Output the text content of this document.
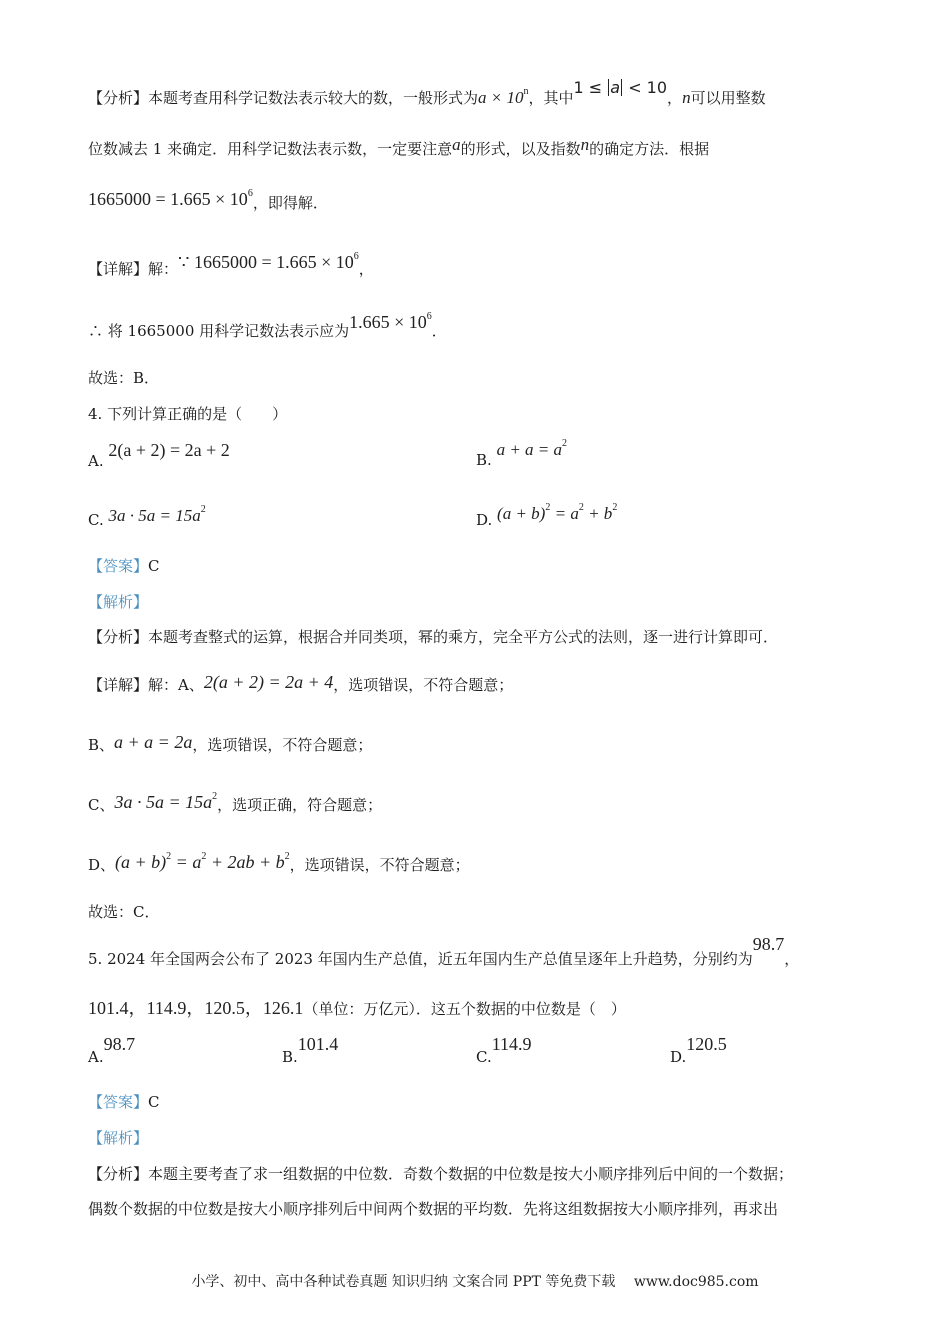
【分析】本题考查用科学记数法表示较大的数，一般形式为$a \times 10^n$，其中1 ≤ a < 10，n可以用整数
位数减去 1 来确定．用科学记数法表示数，一定要注意a的形式，以及指数n的确定方法．根据
$1665000 = 1.665 \times 10^6$，即得解．
【详解】解：∵ $1665000 = 1.665 \times 10^6$，
∴ 将 1665000 用科学记数法表示应为$1.665 \times 10^6$．
故选：B．
4. 下列计算正确的是（　　）
A. 2(a + 2) = 2a + 2	B. $a + a = a^2$
C. $3a \cdot 5a = 15a^2$
D. $(a + b)^2 = a^2 + b^2$
【答案】C
【解析】
【分析】本题考查整式的运算，根据合并同类项，幂的乘方，完全平方公式的法则，逐一进行计算即可．
【详解】解：A、2(a + 2) = 2a + 4，选项错误，不符合题意；
B、a + a = 2a，选项错误，不符合题意；
C、$3a \cdot 5a = 15a^2$，选项正确，符合题意；
D、$(a + b)^2 = a^2 + 2ab + b^2$，选项错误，不符合题意；
故选：C．
5. 2024 年全国两会公布了 2023 年国内生产总值，近五年国内生产总值呈逐年上升趋势，分别约为98.7，
101.4，114.9，120.5，126.1（单位：万亿元）．这五个数据的中位数是（　）
A.98.7
B.101.4
C.114.9
D.120.5
【答案】C
【解析】
【分析】本题主要考查了求一组数据的中位数．奇数个数据的中位数是按大小顺序排列后中间的一个数据；
偶数个数据的中位数是按大小顺序排列后中间两个数据的平均数．先将这组数据按大小顺序排列，再求出
小学、初中、高中各种试卷真题 知识归纳 文案合同 PPT 等免费下载　 www.doc985.com
